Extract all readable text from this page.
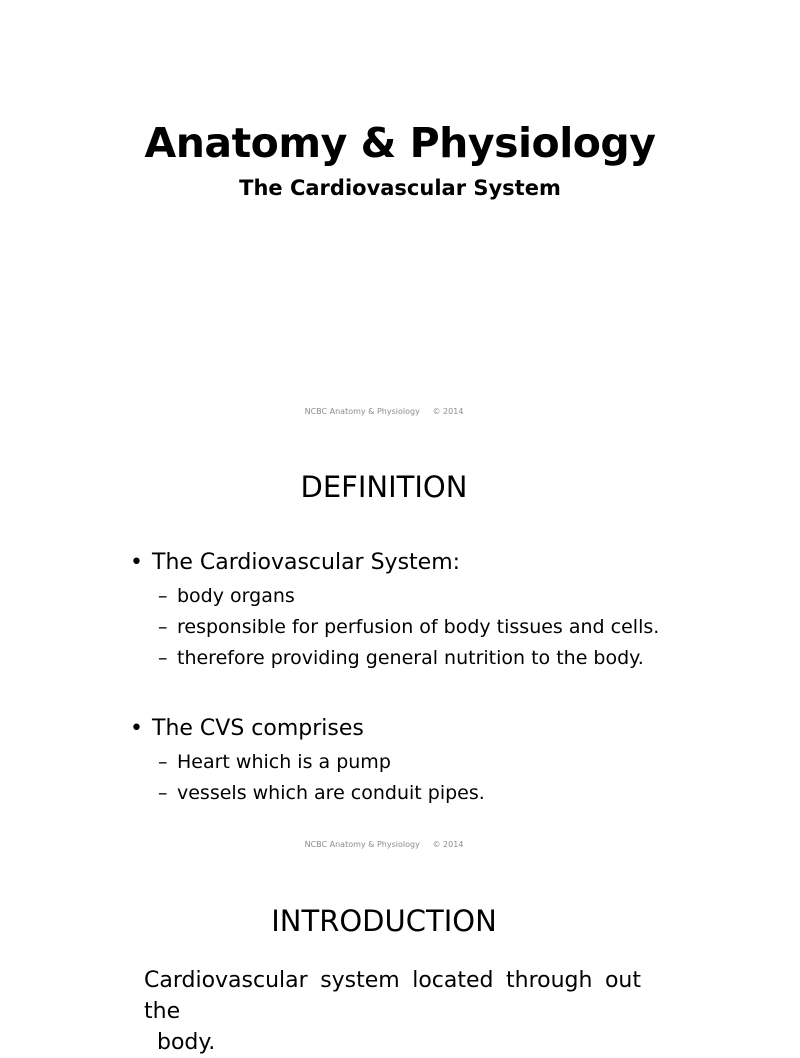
Anatomy & Physiology
The Cardiovascular System
NCBC Anatomy & Physiology     © 2014
DEFINITION
• The Cardiovascular System:
– body organs
– responsible for perfusion of body tissues and cells.
– therefore providing general nutrition to the body.
• The CVS comprises
– Heart which is a pump
– vessels which are conduit pipes.
NCBC Anatomy & Physiology     © 2014
INTRODUCTION
Cardiovascular system located through out the
body.
